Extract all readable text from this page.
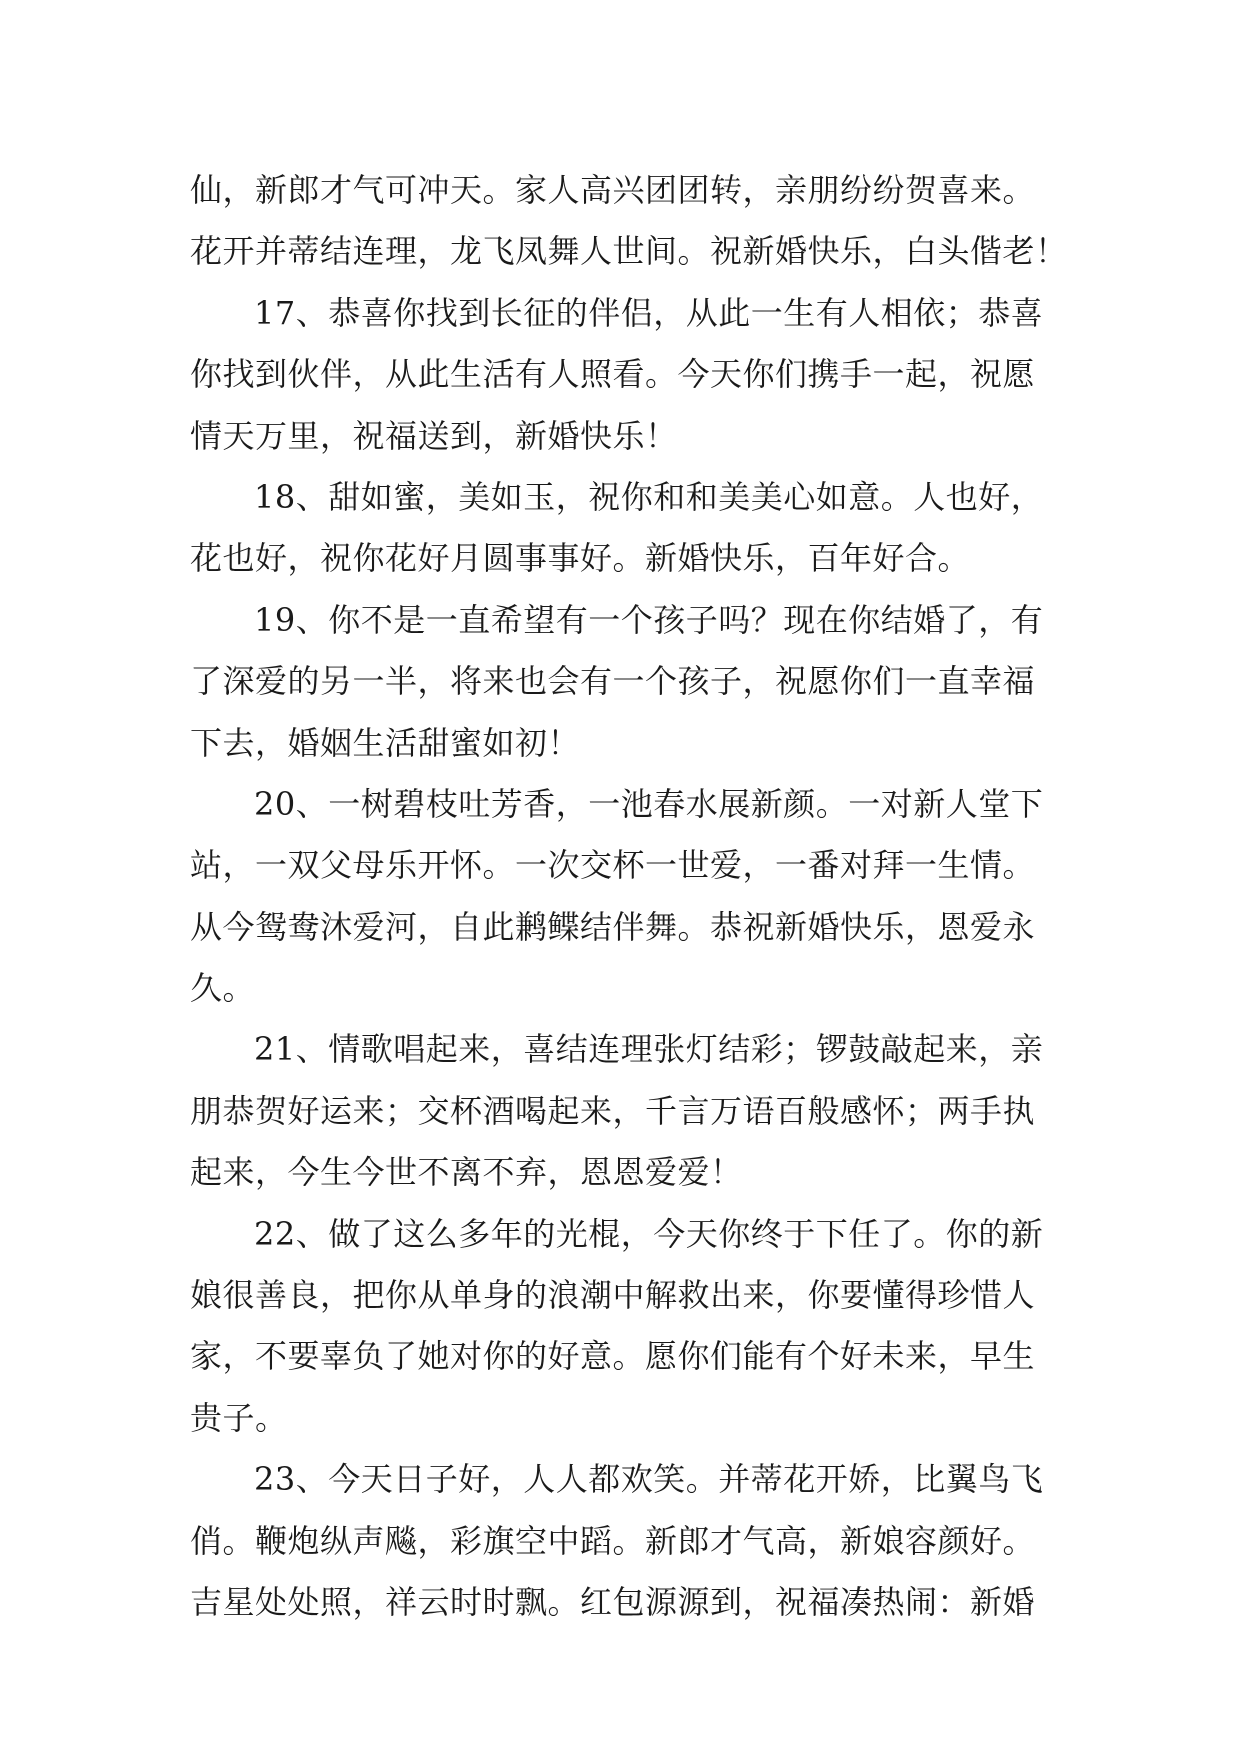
仙，新郎才气可冲天。家人高兴团团转，亲朋纷纷贺喜来。
花开并蒂结连理，龙飞凤舞人世间。祝新婚快乐，白头偕老！
17、恭喜你找到长征的伴侣，从此一生有人相依；恭喜
你找到伙伴，从此生活有人照看。今天你们携手一起，祝愿
情天万里，祝福送到，新婚快乐！
18、甜如蜜，美如玉，祝你和和美美心如意。人也好，
花也好，祝你花好月圆事事好。新婚快乐，百年好合。
19、你不是一直希望有一个孩子吗？现在你结婚了，有
了深爱的另一半，将来也会有一个孩子，祝愿你们一直幸福
下去，婚姻生活甜蜜如初！
20、一树碧枝吐芳香，一池春水展新颜。一对新人堂下
站，一双父母乐开怀。一次交杯一世爱，一番对拜一生情。
从今鸳鸯沐爱河，自此鹣鲽结伴舞。恭祝新婚快乐，恩爱永
久。
21、情歌唱起来，喜结连理张灯结彩；锣鼓敲起来，亲
朋恭贺好运来；交杯酒喝起来，千言万语百般感怀；两手执
起来，今生今世不离不弃，恩恩爱爱！
22、做了这么多年的光棍，今天你终于下任了。你的新
娘很善良，把你从单身的浪潮中解救出来，你要懂得珍惜人
家，不要辜负了她对你的好意。愿你们能有个好未来，早生
贵子。
23、今天日子好，人人都欢笑。并蒂花开娇，比翼鸟飞
俏。鞭炮纵声飚，彩旗空中蹈。新郎才气高，新娘容颜好。
吉星处处照，祥云时时飘。红包源源到，祝福凑热闹：新婚
